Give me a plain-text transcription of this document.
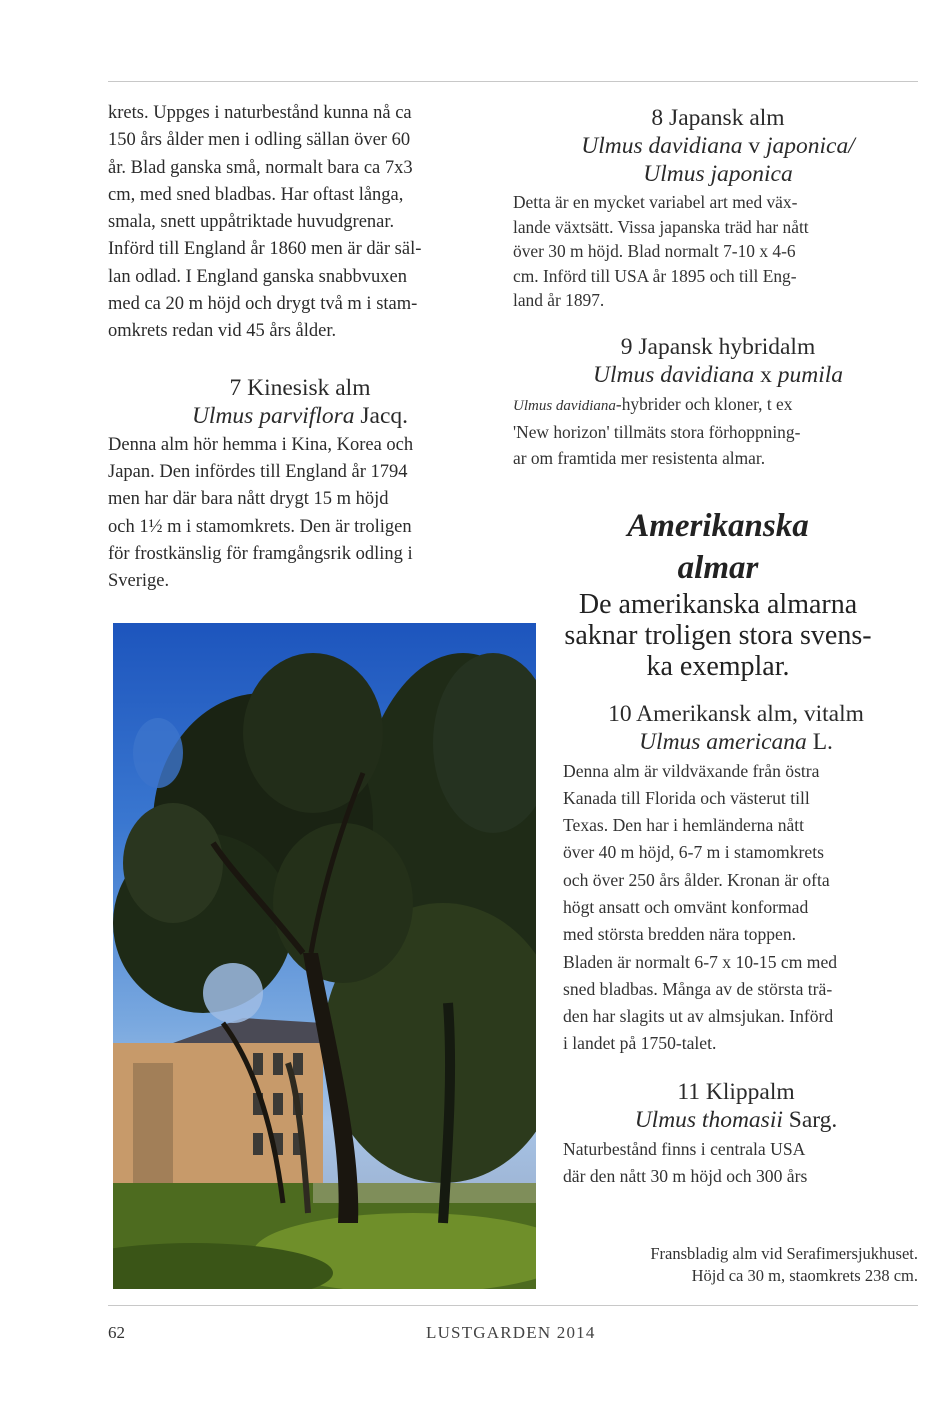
krets. Uppges i naturbestånd kunna nå ca
150 års ålder men i odling sällan över 60
år. Blad ganska små, normalt bara ca 7x3
cm, med sned bladbas. Har oftast långa,
smala, snett uppåtriktade huvudgrenar.
Införd till England år 1860 men är där säl-
lan odlad. I England ganska snabbvuxen
med ca 20 m höjd och drygt två m i stam-
omkrets redan vid 45 års ålder.

7 Kinesisk alm

Ulmus parviflora Jacq.

Denna alm hör hemma i Kina, Korea och
Japan. Den infördes till England år 1794
men har där bara nått drygt 15 m höjd
och 1½ m i stamomkrets. Den är troligen
för frostkänslig för framgångsrik odling i
Sverige.

8 Japansk alm

Ulmus davidiana v japonica/

Ulmus japonica

Detta är en mycket variabel art med väx-
lande växtsätt. Vissa japanska träd har nått
över 30 m höjd. Blad normalt 7-10 x 4-6
cm. Införd till USA år 1895 och till Eng-
land år 1897.

9 Japansk hybridalm

Ulmus davidiana x pumila

Ulmus davidiana-hybrider och kloner, t ex
'New horizon' tillmäts stora förhoppning-
ar om framtida mer resistenta almar.

Amerikanska

almar

De amerikanska almarna

saknar troligen stora svens-

ka exemplar.

10 Amerikansk alm, vitalm

Ulmus americana L.

Denna alm är vildväxande från östra
Kanada till Florida och västerut till
Texas. Den har i hemländerna nått
över 40 m höjd, 6-7 m i stamomkrets
och över 250 års ålder. Kronan är ofta
högt ansatt och omvänt konformad
med största bredden nära toppen.
Bladen är normalt 6-7 x 10-15 cm med
sned bladbas. Många av de största trä-
den har slagits ut av almsjukan. Införd
i landet på 1750-talet.

11 Klippalm

Ulmus thomasii Sarg.

Naturbestånd finns i centrala USA
där den nått 30 m höjd och 300 års

Fransbladig alm vid Serafimersjukhuset.

Höjd ca 30 m, staomkrets 238 cm.

62	LUSTGARDEN 2014
